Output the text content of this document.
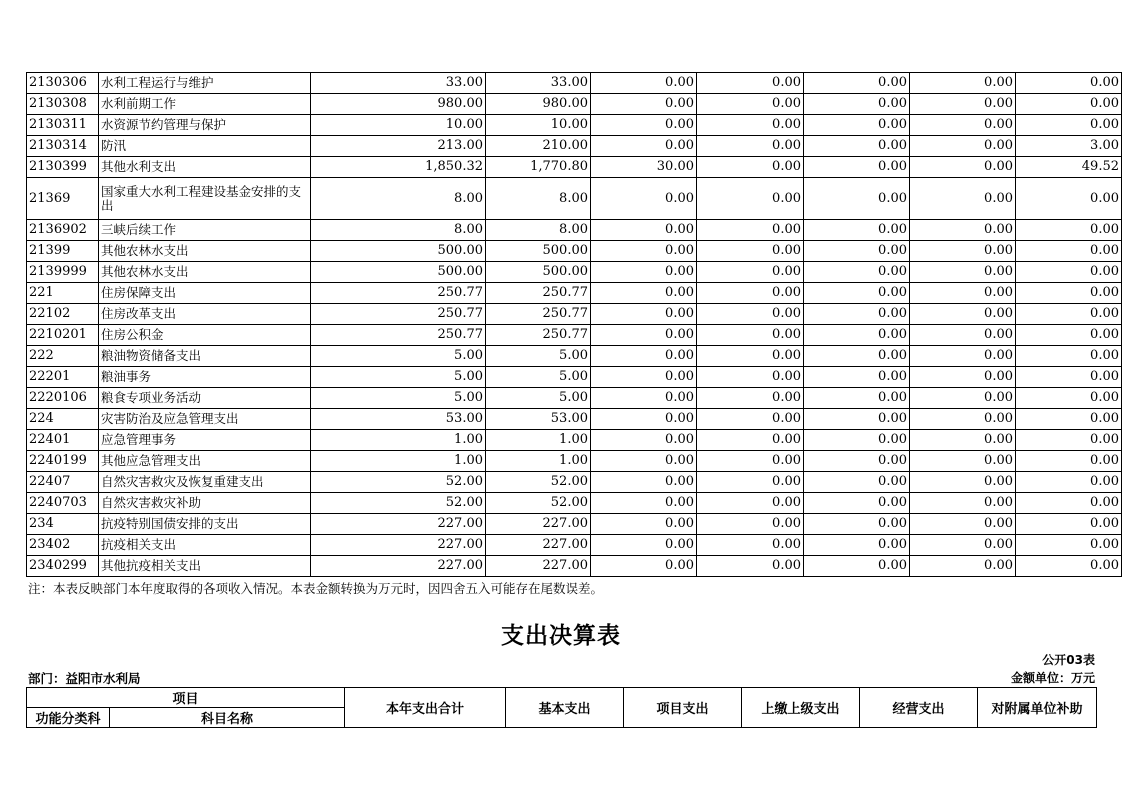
2130306	水利工程运行与维护	33.00	33.00	0.00	0.00	0.00	0.00	0.00
2130308	水利前期工作	980.00	980.00	0.00	0.00	0.00	0.00	0.00
2130311	水资源节约管理与保护	10.00	10.00	0.00	0.00	0.00	0.00	0.00
2130314	防汛	213.00	210.00	0.00	0.00	0.00	0.00	3.00
2130399	其他水利支出	1,850.32	1,770.80	30.00	0.00	0.00	0.00	49.52
21369	国家重大水利工程建设基金安排的支出	8.00	8.00	0.00	0.00	0.00	0.00	0.00
2136902	三峡后续工作	8.00	8.00	0.00	0.00	0.00	0.00	0.00
21399	其他农林水支出	500.00	500.00	0.00	0.00	0.00	0.00	0.00
2139999	其他农林水支出	500.00	500.00	0.00	0.00	0.00	0.00	0.00
221	住房保障支出	250.77	250.77	0.00	0.00	0.00	0.00	0.00
22102	住房改革支出	250.77	250.77	0.00	0.00	0.00	0.00	0.00
2210201	住房公积金	250.77	250.77	0.00	0.00	0.00	0.00	0.00
222	粮油物资储备支出	5.00	5.00	0.00	0.00	0.00	0.00	0.00
22201	粮油事务	5.00	5.00	0.00	0.00	0.00	0.00	0.00
2220106	粮食专项业务活动	5.00	5.00	0.00	0.00	0.00	0.00	0.00
224	灾害防治及应急管理支出	53.00	53.00	0.00	0.00	0.00	0.00	0.00
22401	应急管理事务	1.00	1.00	0.00	0.00	0.00	0.00	0.00
2240199	其他应急管理支出	1.00	1.00	0.00	0.00	0.00	0.00	0.00
22407	自然灾害救灾及恢复重建支出	52.00	52.00	0.00	0.00	0.00	0.00	0.00
2240703	自然灾害救灾补助	52.00	52.00	0.00	0.00	0.00	0.00	0.00
234	抗疫特别国债安排的支出	227.00	227.00	0.00	0.00	0.00	0.00	0.00
23402	抗疫相关支出	227.00	227.00	0.00	0.00	0.00	0.00	0.00
2340299	其他抗疫相关支出	227.00	227.00	0.00	0.00	0.00	0.00	0.00
注：本表反映部门本年度取得的各项收入情况。本表金额转换为万元时，因四舍五入可能存在尾数误差。
支出决算表
公开03表
金额单位：万元
部门：益阳市水利局
项目		本年支出合计	基本支出	项目支出	上缴上级支出	经营支出	对附属单位补助
功能分类科	科目名称						
